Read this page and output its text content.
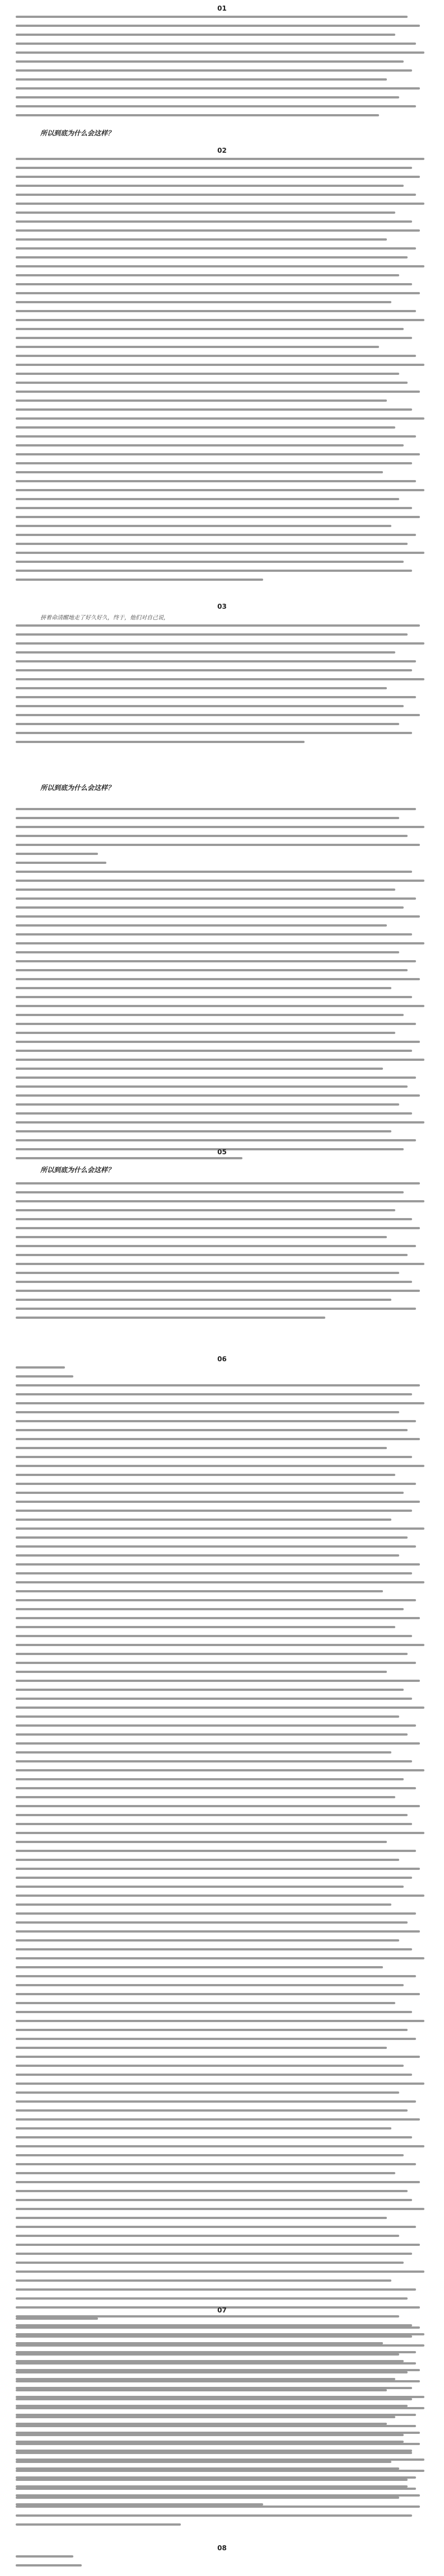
01
所以到底为什么会这样？
02
03
拼着命清醒地走了好久好久，终于，他们对自己说，
所以到底为什么会这样？
05
所以到底为什么会这样？
06
07
08
